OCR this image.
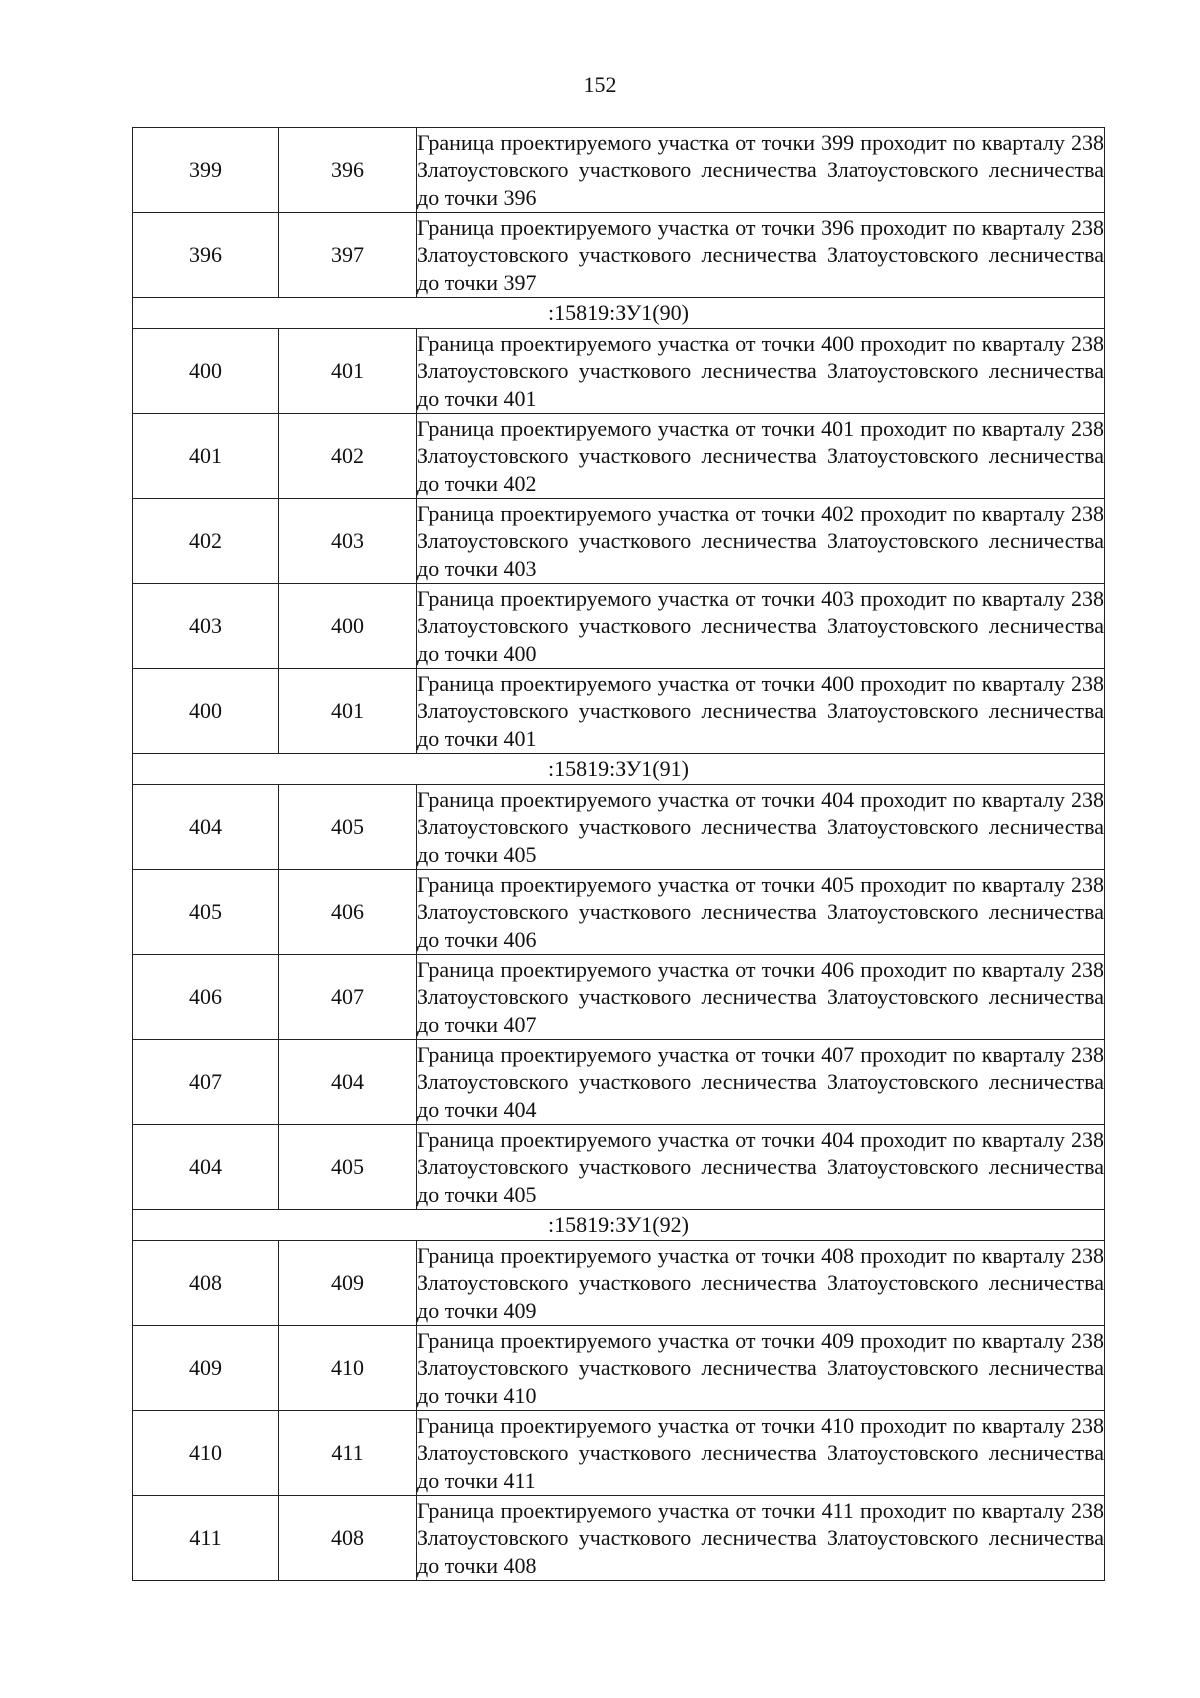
152
399	396	Граница проектируемого участка от точки 399 проходит по кварталу 238 Златоустовского участкового лесничества Златоустовского лесничества до точки 396
396	397	Граница проектируемого участка от точки 396 проходит по кварталу 238 Златоустовского участкового лесничества Златоустовского лесничества до точки 397
:15819:ЗУ1(90)		
400	401	Граница проектируемого участка от точки 400 проходит по кварталу 238 Златоустовского участкового лесничества Златоустовского лесничества до точки 401
401	402	Граница проектируемого участка от точки 401 проходит по кварталу 238 Златоустовского участкового лесничества Златоустовского лесничества до точки 402
402	403	Граница проектируемого участка от точки 402 проходит по кварталу 238 Златоустовского участкового лесничества Златоустовского лесничества до точки 403
403	400	Граница проектируемого участка от точки 403 проходит по кварталу 238 Златоустовского участкового лесничества Златоустовского лесничества до точки 400
400	401	Граница проектируемого участка от точки 400 проходит по кварталу 238 Златоустовского участкового лесничества Златоустовского лесничества до точки 401
:15819:ЗУ1(91)		
404	405	Граница проектируемого участка от точки 404 проходит по кварталу 238 Златоустовского участкового лесничества Златоустовского лесничества до точки 405
405	406	Граница проектируемого участка от точки 405 проходит по кварталу 238 Златоустовского участкового лесничества Златоустовского лесничества до точки 406
406	407	Граница проектируемого участка от точки 406 проходит по кварталу 238 Златоустовского участкового лесничества Златоустовского лесничества до точки 407
407	404	Граница проектируемого участка от точки 407 проходит по кварталу 238 Златоустовского участкового лесничества Златоустовского лесничества до точки 404
404	405	Граница проектируемого участка от точки 404 проходит по кварталу 238 Златоустовского участкового лесничества Златоустовского лесничества до точки 405
:15819:ЗУ1(92)		
408	409	Граница проектируемого участка от точки 408 проходит по кварталу 238 Златоустовского участкового лесничества Златоустовского лесничества до точки 409
409	410	Граница проектируемого участка от точки 409 проходит по кварталу 238 Златоустовского участкового лесничества Златоустовского лесничества до точки 410
410	411	Граница проектируемого участка от точки 410 проходит по кварталу 238 Златоустовского участкового лесничества Златоустовского лесничества до точки 411
411	408	Граница проектируемого участка от точки 411 проходит по кварталу 238 Златоустовского участкового лесничества Златоустовского лесничества до точки 408
